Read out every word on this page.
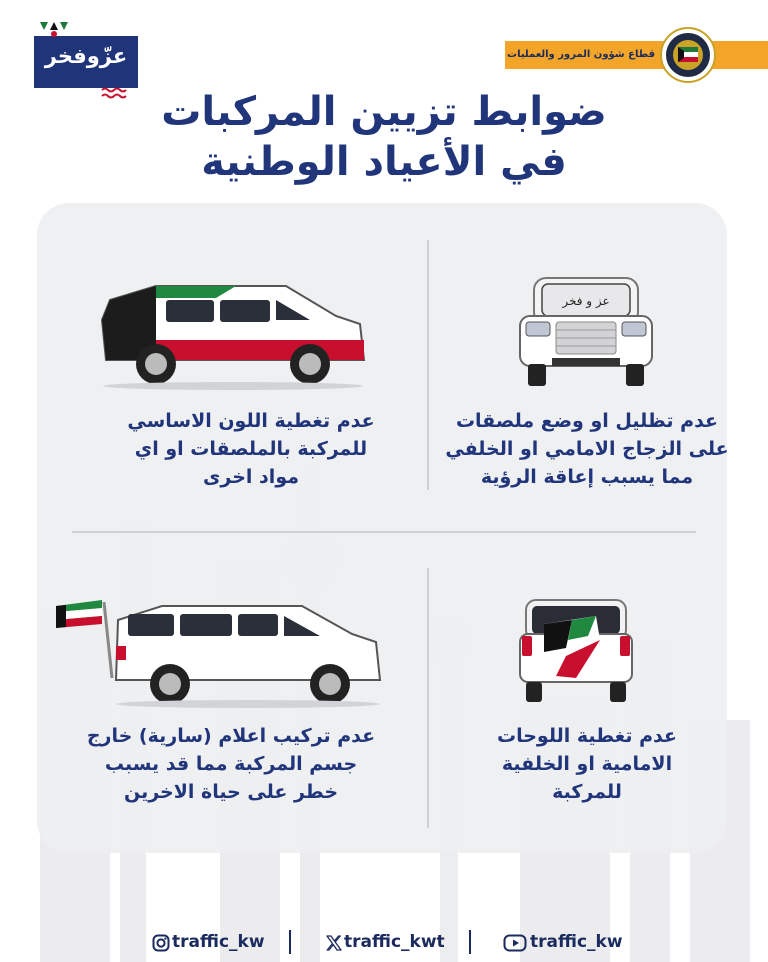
قطاع شؤون المرور والعمليات
عزّوفخر
ضوابط تزيين المركبات
في الأعياد الوطنية
عز و فخر
عدم تظليل او وضع ملصقات
على الزجاج الامامي او الخلفي
مما يسبب إعاقة الرؤية
عدم تغطية اللون الاساسي
للمركبة بالملصقات او اي
مواد اخرى
عدم تغطية اللوحات
الامامية او الخلفية
للمركبة
عدم تركيب اعلام (سارية) خارج
جسم المركبة مما قد يسبب
خطر على حياة الاخرين
traffic_kw	traffic_kwt	traffic_kw
